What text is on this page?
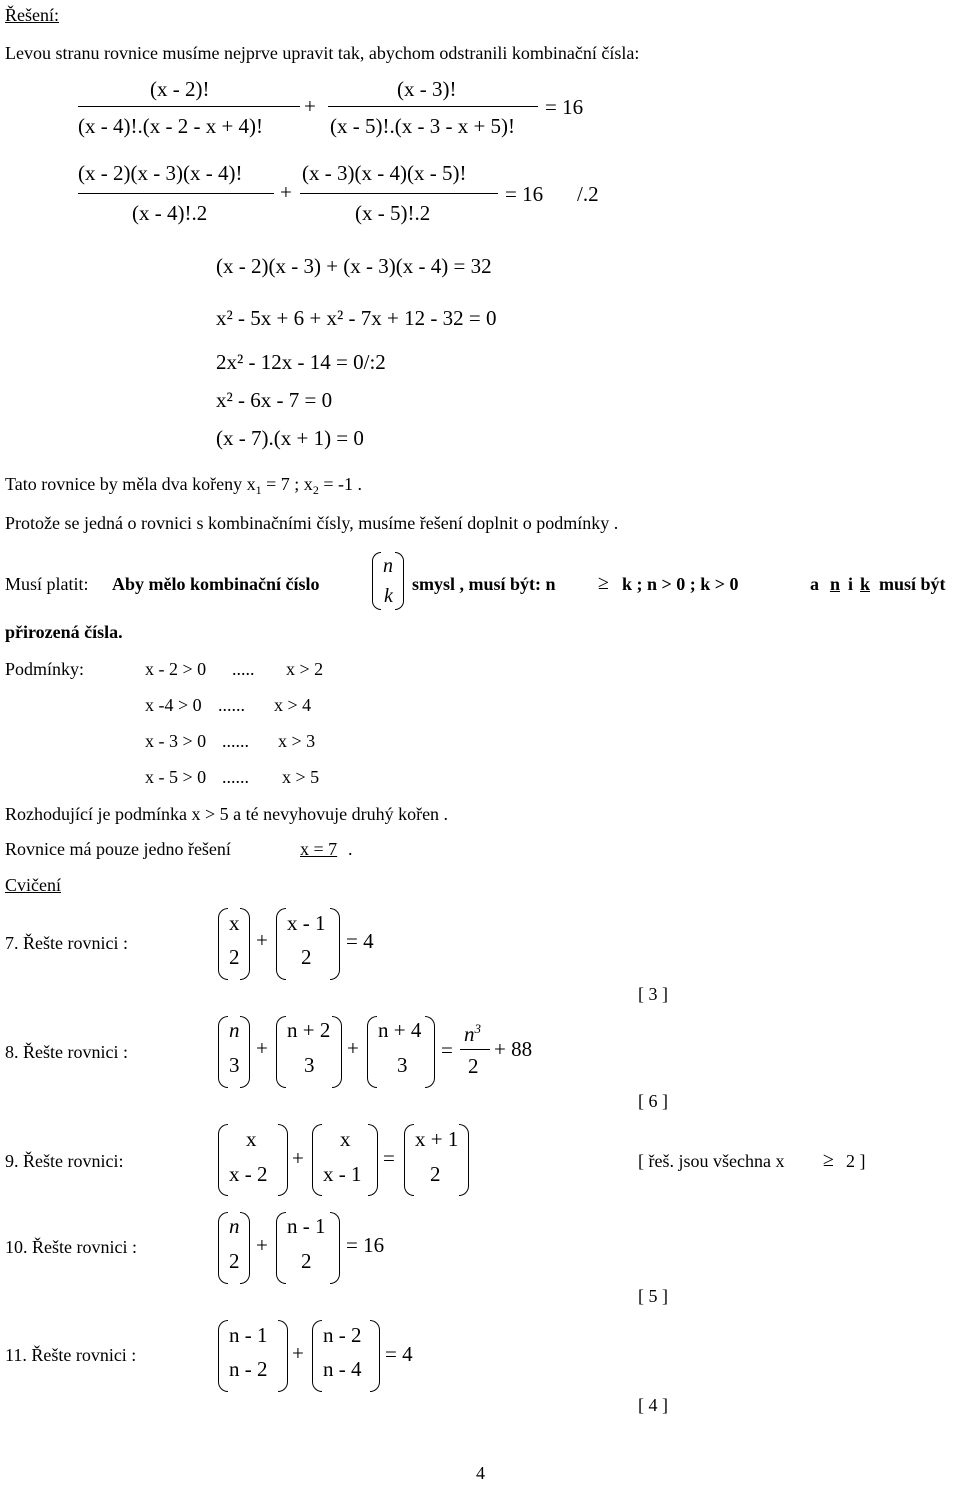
Řešení:
Levou stranu rovnice musíme nejprve upravit tak, abychom odstranili kombinační čísla:
(x - 2)!
(x - 4)!.(x - 2 - x + 4)!
+
(x - 3)!
(x - 5)!.(x - 3 - x + 5)!
= 16
(x - 2)(x - 3)(x - 4)!
(x - 4)!.2
+
(x - 3)(x - 4)(x - 5)!
(x - 5)!.2
= 16 /.2
(x - 2)(x - 3) + (x - 3)(x - 4) = 32
x² - 5x + 6 + x² - 7x + 12 - 32 = 0
2x² - 12x - 14 = 0/:2
x² - 6x - 7 = 0
(x - 7).(x + 1) = 0
Tato rovnice by měla dva kořeny $x_1 = 7$ ; $x_2 = -1$ .
Protože se jedná o rovnici s kombinačními čísly, musíme řešení doplnit o podmínky .
Musí platit: Aby mělo kombinační číslo
n
k
smysl , musí být: n ≥ k ; n > 0 ; k > 0	a n i k musí být
přirozená čísla.
Podmínky:	x - 2 > 0 ..... x > 2
x -4 > 0 ...... x > 4
x - 3 > 0 ...... x > 3
x - 5 > 0 ...... x > 5
Rozhodující je podmínka x > 5 a té nevyhovuje druhý kořen .
Rovnice má pouze jedno řešení	x = 7 .
Cvičení
7. Řešte rovnici :
x
2
+
x - 1
2
= 4
[ 3 ]
8. Řešte rovnici :
n
3
+
n + 2
3
+
n + 4
3
=
$n^3$
2
+ 88
[ 6 ]
9. Řešte rovnici:
x
x - 2
+
x
x - 1
=
x + 1
2
[ řeš. jsou všechna x ≥ 2 ]
10. Řešte rovnici :
n
2
+
n - 1
2
= 16
[ 5 ]
11. Řešte rovnici :
n - 1
n - 2
+
n - 2
n - 4
= 4
[ 4 ]
4
